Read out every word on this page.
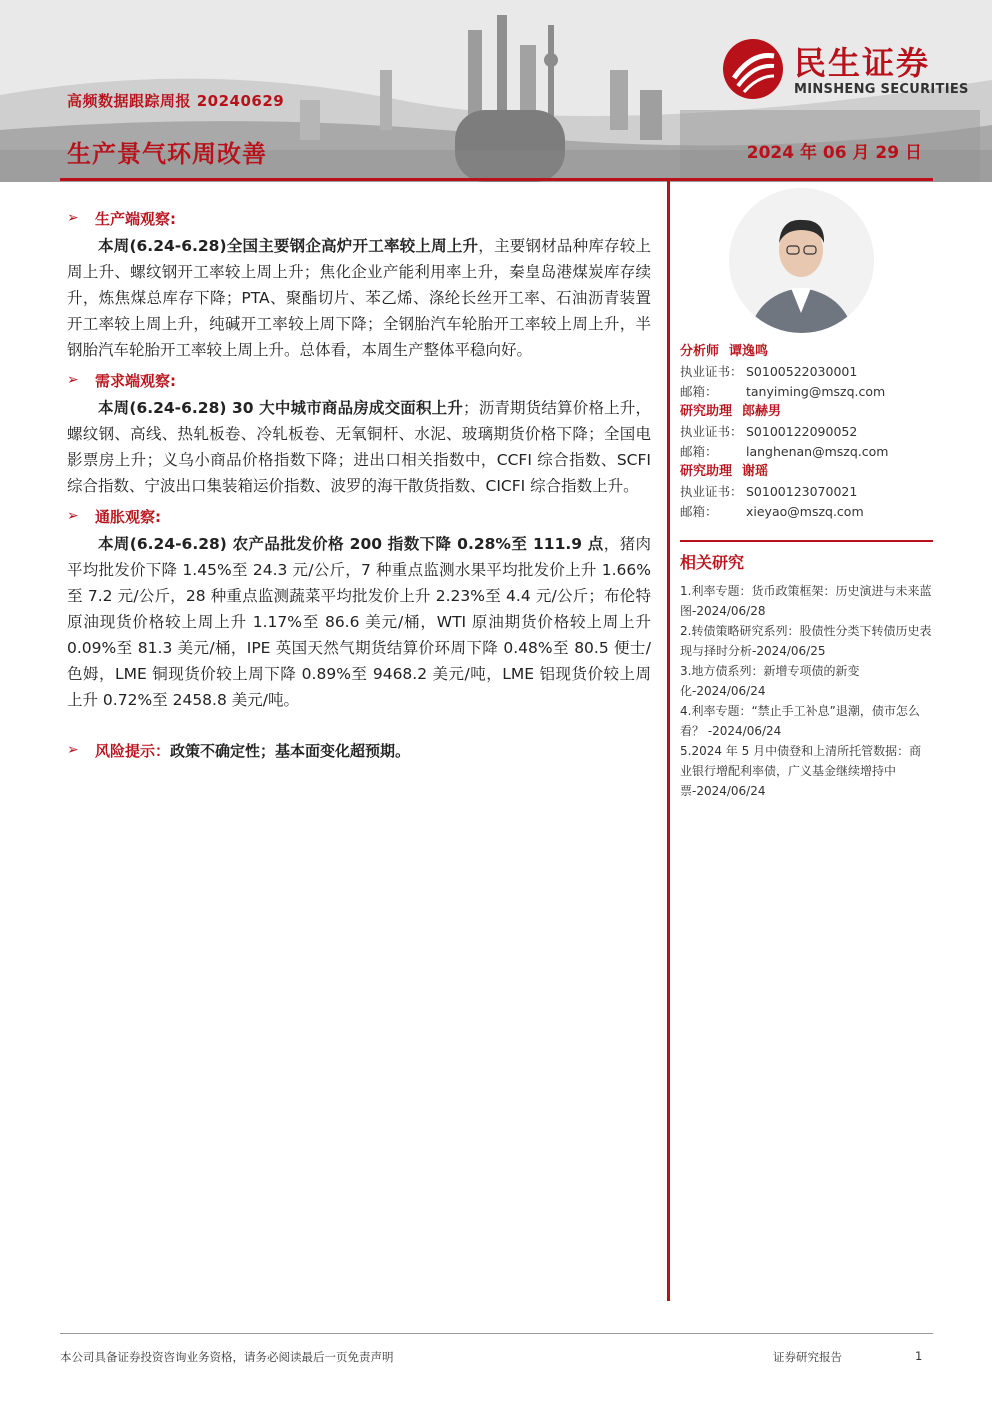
高频数据跟踪周报 20240629
生产景气环周改善	2024 年 06 月 29 日
民生证券
MINSHENG SECURITIES
➢	生产端观察:

本周(6.24-6.28)全国主要钢企高炉开工率较上周上升，主要钢材品种库存较上周上升、螺纹钢开工率较上周上升；焦化企业产能利用率上升，秦皇岛港煤炭库存续升，炼焦煤总库存下降；PTA、聚酯切片、苯乙烯、涤纶长丝开工率、石油沥青装置开工率较上周上升，纯碱开工率较上周下降；全钢胎汽车轮胎开工率较上周上升，半钢胎汽车轮胎开工率较上周上升。总体看，本周生产整体平稳向好。

➢	需求端观察:

本周(6.24-6.28) 30 大中城市商品房成交面积上升；沥青期货结算价格上升，螺纹钢、高线、热轧板卷、冷轧板卷、无氧铜杆、水泥、玻璃期货价格下降；全国电影票房上升；义乌小商品价格指数下降；进出口相关指数中，CCFI 综合指数、SCFI 综合指数、宁波出口集装箱运价指数、波罗的海干散货指数、CICFI 综合指数上升。

➢	通胀观察:

本周(6.24-6.28) 农产品批发价格 200 指数下降 0.28%至 111.9 点，猪肉平均批发价下降 1.45%至 24.3 元/公斤，7 种重点监测水果平均批发价上升 1.66%至 7.2 元/公斤，28 种重点监测蔬菜平均批发价上升 2.23%至 4.4 元/公斤；布伦特原油现货价格较上周上升 1.17%至 86.6 美元/桶，WTI 原油期货价格较上周上升 0.09%至 81.3 美元/桶，IPE 英国天然气期货结算价环周下降 0.48%至 80.5 便士/色姆，LME 铜现货价较上周下降 0.89%至 9468.2 美元/吨，LME 铝现货价较上周上升 0.72%至 2458.8 美元/吨。

➢	风险提示： 政策不确定性；基本面变化超预期。
分析师 谭逸鸣
执业证书： S0100522030001
邮箱：	tanyiming@mszq.com
研究助理 郎赫男
执业证书： S0100122090052
邮箱：	langhenan@mszq.com
研究助理 谢瑶
执业证书： S0100123070021
邮箱：	xieyao@mszq.com
相关研究
1.利率专题：货币政策框架：历史演进与未来蓝图-2024/06/28
2.转债策略研究系列：股债性分类下转债历史表现与择时分析-2024/06/25
3.地方债系列：新增专项债的新变化-2024/06/24
4.利率专题：“禁止手工补息”退潮，债市怎么看？ -2024/06/24
5.2024 年 5 月中债登和上清所托管数据：商业银行增配利率债，广义基金继续增持中票-2024/06/24
本公司具备证券投资咨询业务资格，请务必阅读最后一页免责声明	证券研究报告	1
